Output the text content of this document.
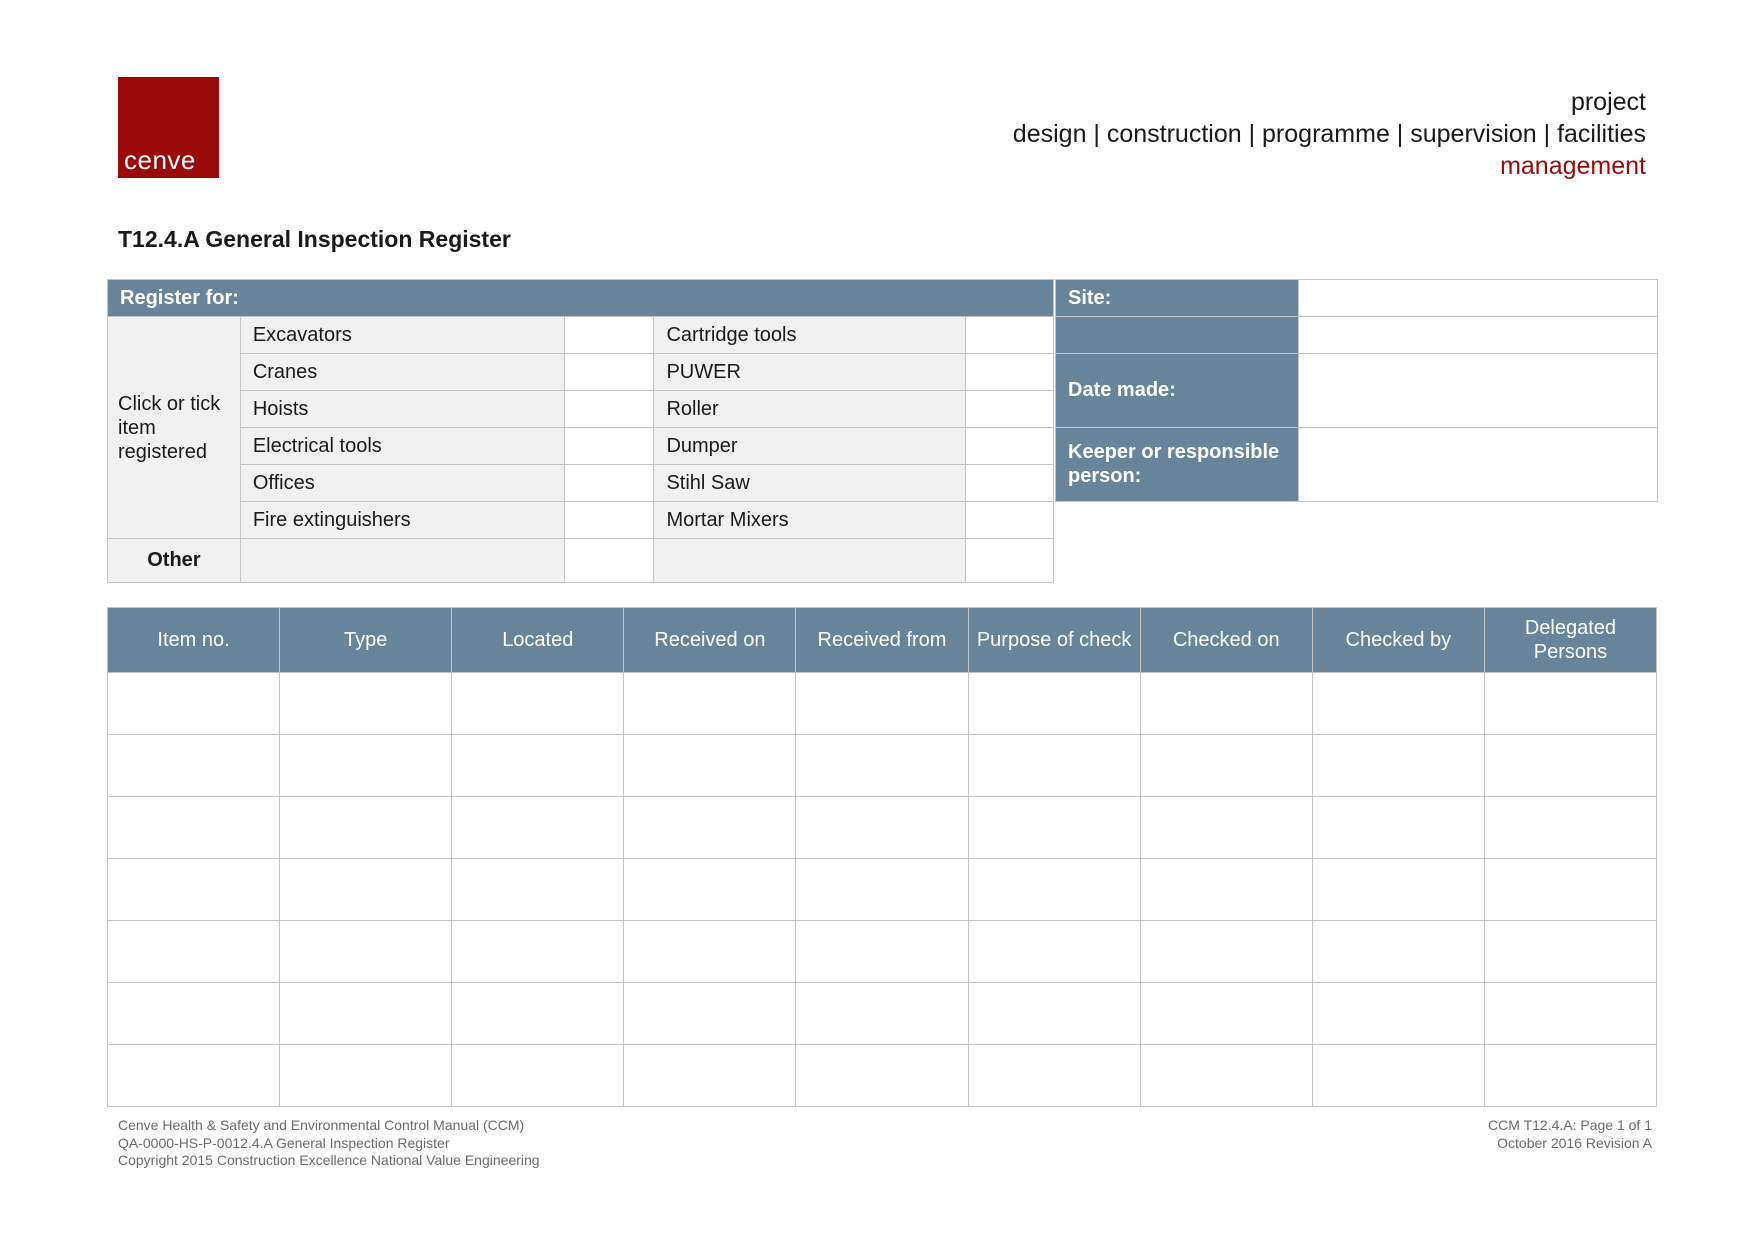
cenve
project
design | construction | programme | supervision | facilities
management
T12.4.A General Inspection Register
Register for:				
Click or tick item registered	Excavators		Cartridge tools	
	Cranes		PUWER	
	Hoists		Roller	
	Electrical tools		Dumper	
	Offices		Stihl Saw	
	Fire extinguishers		Mortar Mixers	
Other				
Site:	

Date made:	
Keeper or responsible person:	
Item no.	Type	Located	Received on	Received from	Purpose of check	Checked on	Checked by	Delegated Persons

Cenve Health & Safety and Environmental Control Manual (CCM)
QA-0000-HS-P-0012.4.A General Inspection Register
Copyright 2015 Construction Excellence National Value Engineering
CCM T12.4.A: Page 1 of 1
October 2016 Revision A
